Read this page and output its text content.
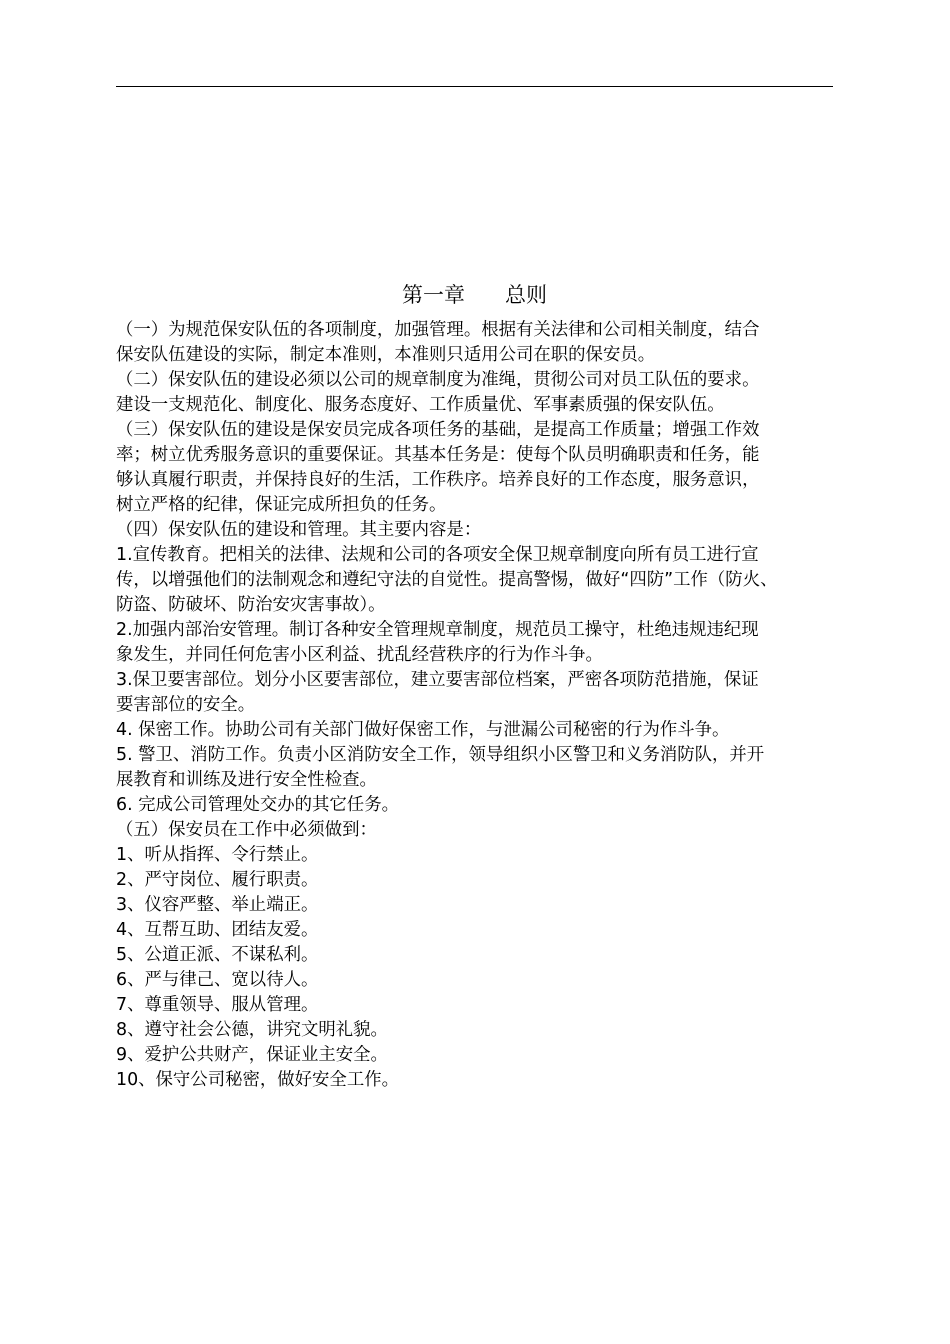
第一章      总则
（一）为规范保安队伍的各项制度，加强管理。根据有关法律和公司相关制度，结合
保安队伍建设的实际，制定本准则，本准则只适用公司在职的保安员。
（二）保安队伍的建设必须以公司的规章制度为准绳，贯彻公司对员工队伍的要求。
建设一支规范化、制度化、服务态度好、工作质量优、军事素质强的保安队伍。
（三）保安队伍的建设是保安员完成各项任务的基础，是提高工作质量；增强工作效
率；树立优秀服务意识的重要保证。其基本任务是：使每个队员明确职责和任务，能
够认真履行职责，并保持良好的生活，工作秩序。培养良好的工作态度，服务意识，
树立严格的纪律，保证完成所担负的任务。
（四）保安队伍的建设和管理。其主要内容是：
1.宣传教育。把相关的法律、法规和公司的各项安全保卫规章制度向所有员工进行宣
传，以增强他们的法制观念和遵纪守法的自觉性。提高警惕，做好“四防”工作（防火、
防盗、防破坏、防治安灾害事故）。
2.加强内部治安管理。制订各种安全管理规章制度，规范员工操守，杜绝违规违纪现
象发生，并同任何危害小区利益、扰乱经营秩序的行为作斗争。
3.保卫要害部位。划分小区要害部位，建立要害部位档案，严密各项防范措施，保证
要害部位的安全。
4. 保密工作。协助公司有关部门做好保密工作，与泄漏公司秘密的行为作斗争。
5. 警卫、消防工作。负责小区消防安全工作，领导组织小区警卫和义务消防队，并开
展教育和训练及进行安全性检查。
6. 完成公司管理处交办的其它任务。
（五）保安员在工作中必须做到：
1、听从指挥、令行禁止。
2、严守岗位、履行职责。
3、仪容严整、举止端正。
4、互帮互助、团结友爱。
5、公道正派、不谋私利。
6、严与律己、宽以待人。
7、尊重领导、服从管理。
8、遵守社会公德，讲究文明礼貌。
9、爱护公共财产，保证业主安全。
10、保守公司秘密，做好安全工作。
